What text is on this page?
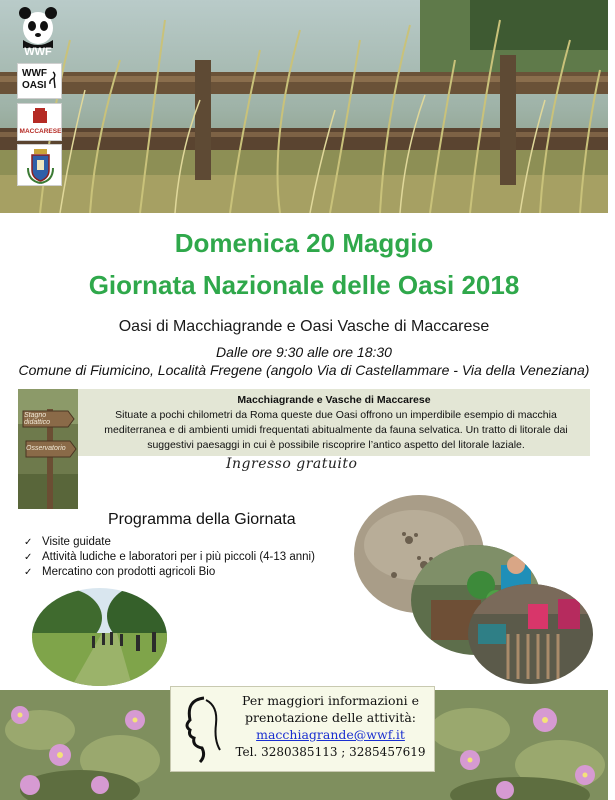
WWF
WWF
OASI
MACCARESE
Domenica 20 Maggio
Giornata Nazionale delle Oasi 2018
Oasi di Macchiagrande e Oasi Vasche di Maccarese
Dalle ore 9:30 alle ore 18:30
Comune di Fiumicino, Località Fregene (angolo Via di Castellammare - Via della Veneziana)
Stagno didattico
Osservatorio
Macchiagrande e Vasche di Maccarese
Situate a pochi chilometri da Roma queste due Oasi offrono un imperdibile esempio di macchia mediterranea e di ambienti umidi frequentati abitualmente da fauna selvatica. Un tratto di litorale dai suggestivi paesaggi in cui è possibile riscoprire l’antico aspetto del litorale laziale.
Ingresso gratuito
Programma della Giornata
✓ Visite guidate
✓ Attività ludiche e laboratori per i più piccoli (4-13 anni)
✓ Mercatino con prodotti agricoli Bio
Per maggiori informazioni e
prenotazione delle attività:
macchiagrande@wwf.it
Tel. 3280385113 ; 3285457619
